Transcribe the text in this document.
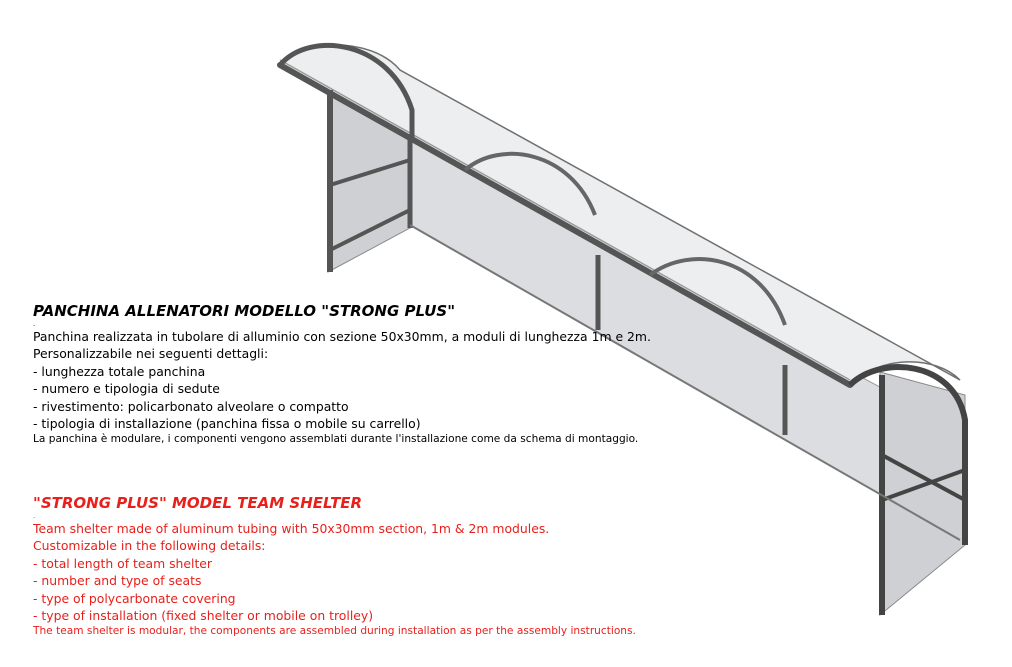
PANCHINA ALLENATORI MODELLO "STRONG PLUS"

.

Panchina realizzata in tubolare di alluminio con sezione 50x30mm, a moduli di lunghezza 1m e 2m.

Personalizzabile nei seguenti dettagli:

- lunghezza totale panchina

- numero e tipologia di sedute

- rivestimento: policarbonato alveolare o compatto

- tipologia di installazione (panchina fissa o mobile su carrello)

La panchina è modulare, i componenti vengono assemblati durante l'installazione come da schema di montaggio.

"STRONG PLUS" MODEL TEAM SHELTER

.

Team shelter made of aluminum tubing with 50x30mm section, 1m & 2m modules.

Customizable in the following details:

- total length of team shelter

- number and type of seats

- type of polycarbonate covering

- type of installation (fixed shelter or mobile on trolley)

The team shelter is modular, the components are assembled during installation as per the assembly instructions.
